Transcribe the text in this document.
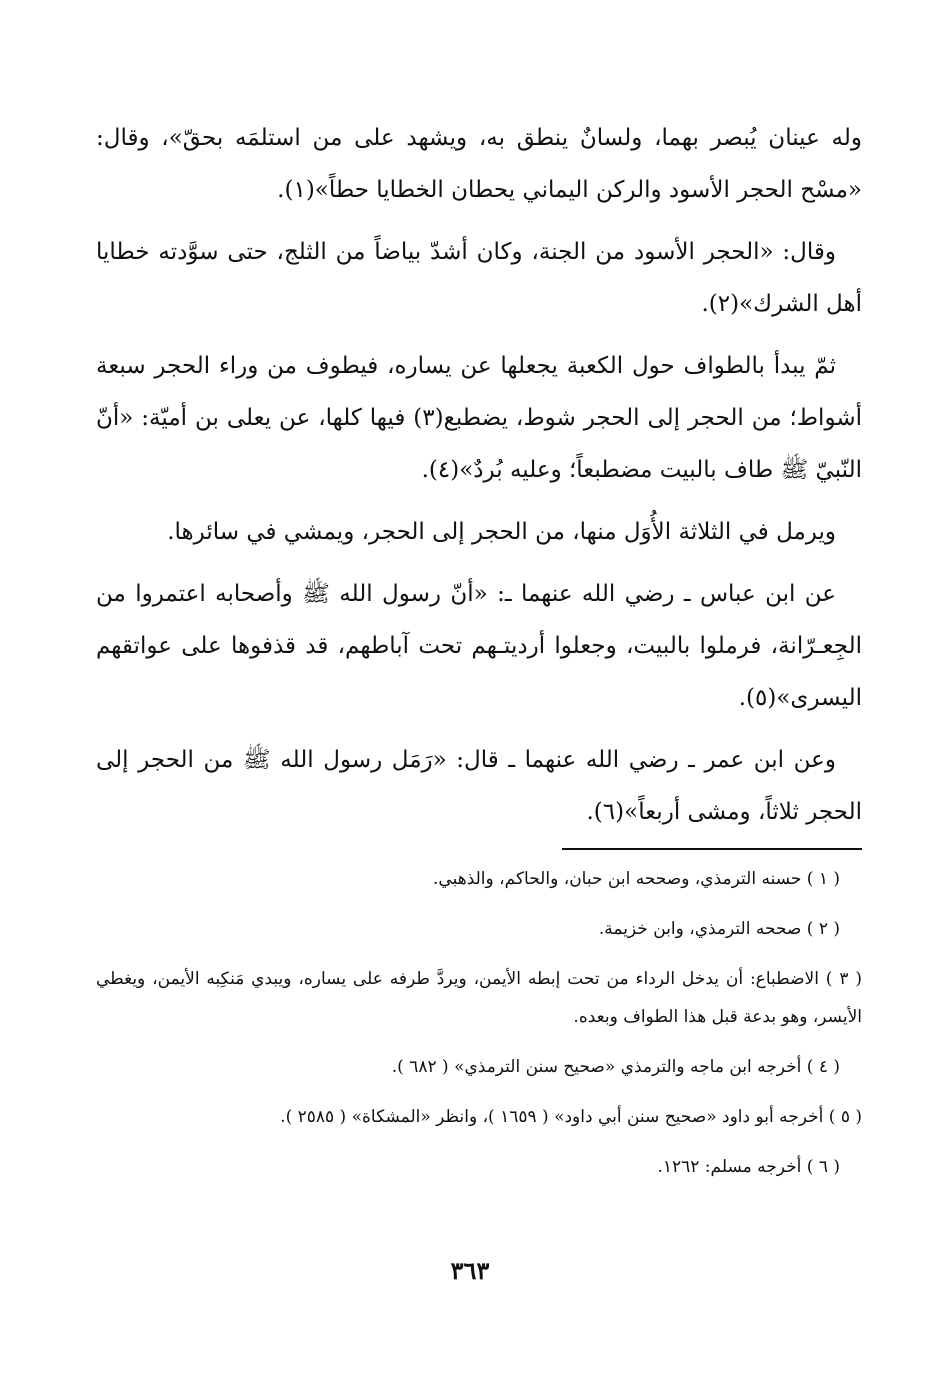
وله عينان يُبصر بهما، ولسانٌ ينطق به، ويشهد على من استلمَه بحقّ»، وقال: «مسْح الحجر الأسود والركن اليماني يحطان الخطايا حطاً»(١).

وقال: «الحجر الأسود من الجنة، وكان أشدّ بياضاً من الثلج، حتى سوَّدته خطايا أهل الشرك»(٢).

ثمّ يبدأ بالطواف حول الكعبة يجعلها عن يساره، فيطوف من وراء الحجر سبعة أشواط؛ من الحجر إلى الحجر شوط، يضطبع(٣) فيها كلها، عن يعلى بن أميّة: «أنّ النّبيّ ﷺ طاف بالبيت مضطبعاً؛ وعليه بُردٌ»(٤).

ويرمل في الثلاثة الأُوَل منها، من الحجر إلى الحجر، ويمشي في سائرها.

عن ابن عباس ـ رضي الله عنهما ـ: «أنّ رسول الله ﷺ وأصحابه اعتمروا من الجِعـرّانة، فرملوا بالبيت، وجعلوا أرديتـهم تحت آباطهم، قد قذفوها على عواتقهم اليسرى»(٥).

وعن ابن عمر ـ رضي الله عنهما ـ قال: «رَمَل رسول الله ﷺ من الحجر إلى الحجر ثلاثاً، ومشى أربعاً»(٦).

( ١ ) حسنه الترمذي، وصححه ابن حبان، والحاكم، والذهبي.

( ٢ ) صححه الترمذي، وابن خزيمة.

( ٣ ) الاضطباع: أن يدخل الرداء من تحت إبطه الأيمن، ويردَّ طرفه على يساره، ويبدي مَنكِبه الأيمن، ويغطي الأيسر، وهو بدعة قبل هذا الطواف وبعده.

( ٤ ) أخرجه ابن ماجه والترمذي «صحيح سنن الترمذي» ( ٦٨٢ ).

( ٥ ) أخرجه أبو داود «صحيح سنن أبي داود» ( ١٦٥٩ )، وانظر «المشكاة» ( ٢٥٨٥ ).

( ٦ ) أخرجه مسلم: ١٢٦٢.

٣٦٣
